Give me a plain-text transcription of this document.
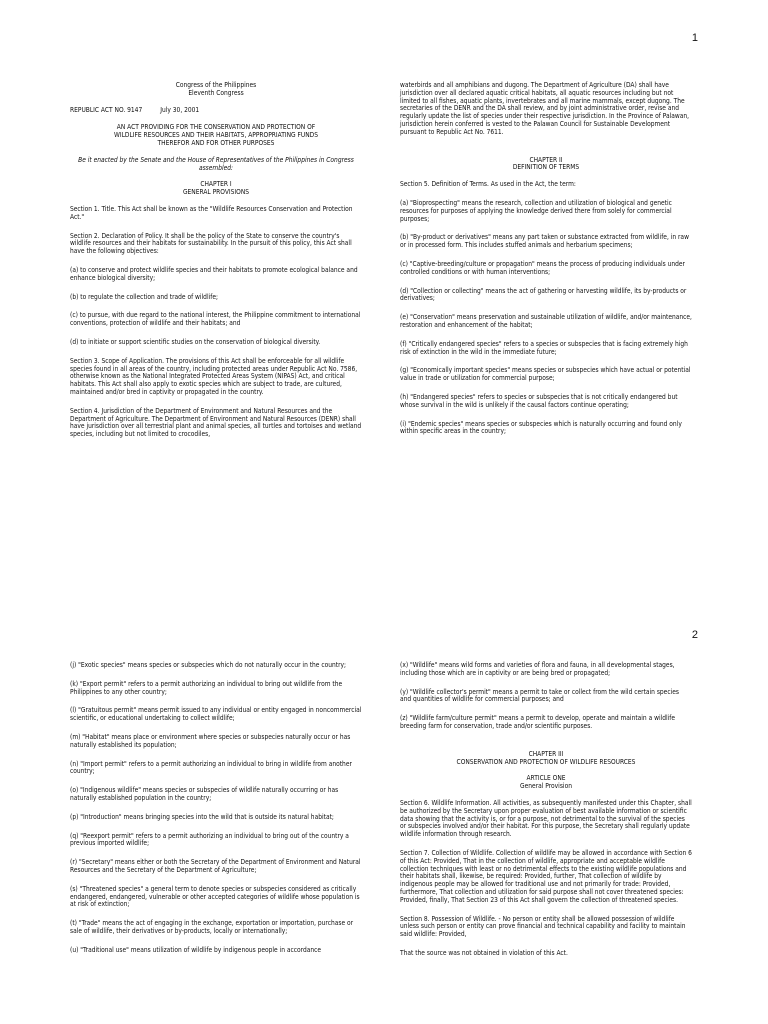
1

Congress of the Philippines

Eleventh Congress

REPUBLIC ACT NO. 9147	July 30, 2001

AN ACT PROVIDING FOR THE CONSERVATION AND PROTECTION OF

WILDLIFE RESOURCES AND THEIR HABITATS, APPROPRIATING FUNDS

THEREFOR AND FOR OTHER PURPOSES

Be it enacted by the Senate and the House of Representatives of the Philippines in Congress assembled:

CHAPTER I

GENERAL PROVISIONS

Section 1. Title. This Act shall be known as the "Wildlife Resources Conservation and Protection Act."

Section 2. Declaration of Policy. It shall be the policy of the State to conserve the country's wildlife resources and their habitats for sustainability. In the pursuit of this policy, this Act shall have the following objectives:

(a) to conserve and protect wildlife species and their habitats to promote ecological balance and enhance biological diversity;

(b) to regulate the collection and trade of wildlife;

(c) to pursue, with due regard to the national interest, the Philippine commitment to international conventions, protection of wildlife and their habitats; and

(d) to initiate or support scientific studies on the conservation of biological diversity.

Section 3. Scope of Application. The provisions of this Act shall be enforceable for all wildlife species found in all areas of the country, including protected areas under Republic Act No. 7586, otherwise known as the National Integrated Protected Areas System (NIPAS) Act, and critical habitats. This Act shall also apply to exotic species which are subject to trade, are cultured, maintained and/or bred in captivity or propagated in the country.

Section 4. Jurisdiction of the Department of Environment and Natural Resources and the Department of Agriculture. The Department of Environment and Natural Resources (DENR) shall have jurisdiction over all terrestrial plant and animal species, all turtles and tortoises and wetland species, including but not limited to crocodiles,

waterbirds and all amphibians and dugong. The Department of Agriculture (DA) shall have jurisdiction over all declared aquatic critical habitats, all aquatic resources including but not limited to all fishes, aquatic plants, invertebrates and all marine mammals, except dugong. The secretaries of the DENR and the DA shall review, and by joint administrative order, revise and regularly update the list of species under their respective jurisdiction. In the Province of Palawan, jurisdiction herein conferred is vested to the Palawan Council for Sustainable Development pursuant to Republic Act No. 7611.

CHAPTER II

DEFINITION OF TERMS

Section 5. Definition of Terms. As used in the Act, the term:

(a) "Bioprospecting" means the research, collection and utilization of biological and genetic resources for purposes of applying the knowledge derived there from solely for commercial purposes;

(b) "By-product or derivatives" means any part taken or substance extracted from wildlife, in raw or in processed form. This includes stuffed animals and herbarium specimens;

(c) "Captive-breeding/culture or propagation" means the process of producing individuals under controlled conditions or with human interventions;

(d) "Collection or collecting" means the act of gathering or harvesting wildlife, its by-products or derivatives;

(e) "Conservation" means preservation and sustainable utilization of wildlife, and/or maintenance, restoration and enhancement of the habitat;

(f) "Critically endangered species" refers to a species or subspecies that is facing extremely high risk of extinction in the wild in the immediate future;

(g) "Economically important species" means species or subspecies which have actual or potential value in trade or utilization for commercial purpose;

(h) "Endangered species" refers to species or subspecies that is not critically endangered but whose survival in the wild is unlikely if the causal factors continue operating;

(i) "Endemic species" means species or subspecies which is naturally occurring and found only within specific areas in the country;

2

(j) "Exotic species" means species or subspecies which do not naturally occur in the country;

(k) "Export permit" refers to a permit authorizing an individual to bring out wildlife from the Philippines to any other country;

(l) "Gratuitous permit" means permit issued to any individual or entity engaged in noncommercial scientific, or educational undertaking to collect wildlife;

(m) "Habitat" means place or environment where species or subspecies naturally occur or has naturally established its population;

(n) "Import permit" refers to a permit authorizing an individual to bring in wildlife from another country;

(o) "Indigenous wildlife" means species or subspecies of wildlife naturally occurring or has naturally established population in the country;

(p) "Introduction" means bringing species into the wild that is outside its natural habitat;

(q) "Reexport permit" refers to a permit authorizing an individual to bring out of the country a previous imported wildlife;

(r) "Secretary" means either or both the Secretary of the Department of Environment and Natural Resources and the Secretary of the Department of Agriculture;

(s) "Threatened species" a general term to denote species or subspecies considered as critically endangered, endangered, vulnerable or other accepted categories of wildlife whose population is at risk of extinction;

(t) "Trade" means the act of engaging in the exchange, exportation or importation, purchase or sale of wildlife, their derivatives or by-products, locally or internationally;

(u) "Traditional use" means utilization of wildlife by indigenous people in accordance

(x) "Wildlife" means wild forms and varieties of flora and fauna, in all developmental stages, including those which are in captivity or are being bred or propagated;

(y) "Wildlife collector's permit" means a permit to take or collect from the wild certain species and quantities of wildlife for commercial purposes; and

(z) "Wildlife farm/culture permit" means a permit to develop, operate and maintain a wildlife breeding farm for conservation, trade and/or scientific purposes.

CHAPTER III

CONSERVATION AND PROTECTION OF WILDLIFE RESOURCES

ARTICLE ONE

General Provision

Section 6. Wildlife Information. All activities, as subsequently manifested under this Chapter, shall be authorized by the Secretary upon proper evaluation of best available information or scientific data showing that the activity is, or for a purpose, not detrimental to the survival of the species or subspecies involved and/or their habitat. For this purpose, the Secretary shall regularly update wildlife information through research.

Section 7. Collection of Wildlife. Collection of wildlife may be allowed in accordance with Section 6 of this Act: Provided, That in the collection of wildlife, appropriate and acceptable wildlife collection techniques with least or no detrimental effects to the existing wildlife populations and their habitats shall, likewise, be required: Provided, further, That collection of wildlife by indigenous people may be allowed for traditional use and not primarily for trade: Provided, furthermore, That collection and utilization for said purpose shall not cover threatened species: Provided, finally, That Section 23 of this Act shall govern the collection of threatened species.

Section 8. Possession of Wildlife. - No person or entity shall be allowed possession of wildlife unless such person or entity can prove financial and technical capability and facility to maintain said wildlife: Provided,

That the source was not obtained in violation of this Act.
